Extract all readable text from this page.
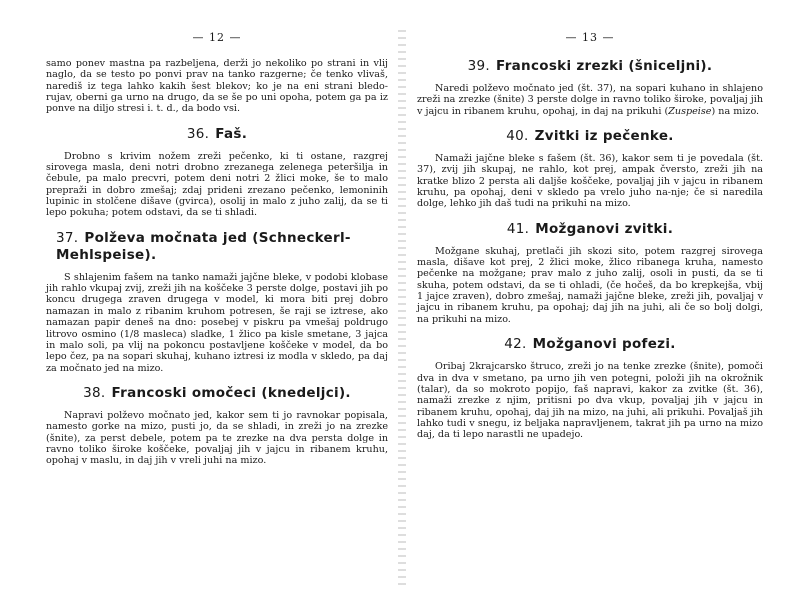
— 12 —

samo ponev mastna pa razbeljena, derži jo nekoliko po strani in vlij naglo, da se testo po ponvi prav na tanko razgerne; če tenko vlivaš, narediš iz tega lahko kakih šest blekov; ko je na eni strani bledo-rujav, oberni ga urno na drugo, da se še po uni opoha, potem ga pa iz ponve na diljo stresi i. t. d., da bodo vsi.

36. Faš.

Drobno s krivim nožem zreži pečenko, ki ti ostane, razgrej sirovega masla, deni notri drobno zrezanega zelenega peteršilja in čebule, pa malo precvri, potem deni notri 2 žlici moke, še to malo prepraži in dobro zmešaj; zdaj prideni zrezano pečenko, lemoninih lupinic in stolčene dišave (gvirca), osolij in malo z juho zalij, da se ti lepo pokuha; potem odstavi, da se ti shladi.

37. Polževa močnata jed (Schneckerl-Mehlspeise).

S shlajenim fašem na tanko namaži jajčne bleke, v podobi klobase jih rahlo vkupaj zvij, zreži jih na koščeke 3 perste dolge, postavi jih po koncu drugega zraven drugega v model, ki mora biti prej dobro namazan in malo z ribanim kruhom potresen, še raji se iztrese, ako namazan papir deneš na dno: posebej v piskru pa vmešaj poldrugo litrovo osmino (1/8 masleca) sladke, 1 žlico pa kisle smetane, 3 jajca in malo soli, pa vlij na pokoncu postavljene koščeke v model, da bo lepo čez, pa na sopari skuhaj, kuhano iztresi iz modla v skledo, pa daj za močnato jed na mizo.

38. Francoski omočeci (knedeljci).

Napravi polževo močnato jed, kakor sem ti jo ravnokar popisala, namesto gorke na mizo, pusti jo, da se shladi, in zreži jo na zrezke (šnite), za perst debele, potem pa te zrezke na dva persta dolge in ravno toliko široke koščeke, povaljaj jih v jajcu in ribanem kruhu, opohaj v maslu, in daj jih v vreli juhi na mizo.

— 13 —
39. Francoski zrezki (šniceljni).

Naredi polževo močnato jed (št. 37), na sopari kuhano in shlajeno zreži na zrezke (šnite) 3 perste dolge in ravno toliko široke, povaljaj jih v jajcu in ribanem kruhu, opohaj, in daj na prikuhi (Zuspeise) na mizo.

40. Zvitki iz pečenke.

Namaži jajčne bleke s fašem (št. 36), kakor sem ti je povedala (št. 37), zvij jih skupaj, ne rahlo, kot prej, ampak čversto, zreži jih na kratke blizo 2 persta ali daljše koščeke, povaljaj jih v jajcu in ribanem kruhu, pa opohaj, deni v skledo pa vrelo juho na-nje; če si naredila dolge, lehko jih daš tudi na prikuhi na mizo.

41. Možganovi zvitki.

Možgane skuhaj, pretlači jih skozi sito, potem razgrej sirovega masla, dišave kot prej, 2 žlici moke, žlico ribanega kruha, namesto pečenke na možgane; prav malo z juho zalij, osoli in pusti, da se ti skuha, potem odstavi, da se ti ohladi, (če hočeš, da bo krepkejša, vbij 1 jajce zraven), dobro zmešaj, namaži jajčne bleke, zreži jih, povaljaj v jajcu in ribanem kruhu, pa opohaj; daj jih na juhi, ali če so bolj dolgi, na prikuhi na mizo.

42. Možganovi pofezi.

Oribaj 2krajcarsko štruco, zreži jo na tenke zrezke (šnite), pomoči dva in dva v smetano, pa urno jih ven potegni, položi jih na okrožnik (talar), da so mokroto popijo, faš napravi, kakor za zvitke (št. 36), namaži zrezke z njim, pritisni po dva vkup, povaljaj jih v jajcu in ribanem kruhu, opohaj, daj jih na mizo, na juhi, ali prikuhi. Povaljaš jih lahko tudi v snegu, iz beljaka napravljenem, takrat jih pa urno na mizo daj, da ti lepo narastli ne upadejo.
